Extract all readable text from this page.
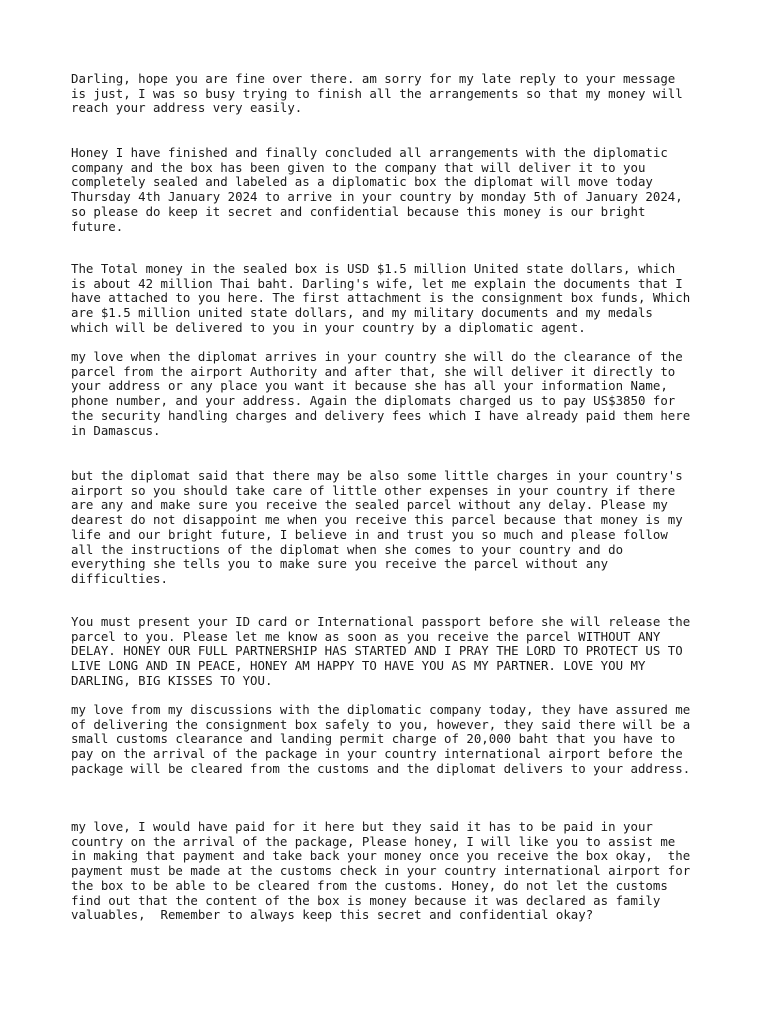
Darling, hope you are fine over there. am sorry for my late reply to your message
is just, I was so busy trying to finish all the arrangements so that my money will
reach your address very easily.

Honey I have finished and finally concluded all arrangements with the diplomatic
company and the box has been given to the company that will deliver it to you
completely sealed and labeled as a diplomatic box the diplomat will move today
Thursday 4th January 2024 to arrive in your country by monday 5th of January 2024,
so please do keep it secret and confidential because this money is our bright
future.

The Total money in the sealed box is USD $1.5 million United state dollars, which
is about 42 million Thai baht. Darling's wife, let me explain the documents that I
have attached to you here. The first attachment is the consignment box funds, Which
are $1.5 million united state dollars, and my military documents and my medals
which will be delivered to you in your country by a diplomatic agent.

my love when the diplomat arrives in your country she will do the clearance of the
parcel from the airport Authority and after that, she will deliver it directly to
your address or any place you want it because she has all your information Name,
phone number, and your address. Again the diplomats charged us to pay US$3850 for
the security handling charges and delivery fees which I have already paid them here
in Damascus.

but the diplomat said that there may be also some little charges in your country's
airport so you should take care of little other expenses in your country if there
are any and make sure you receive the sealed parcel without any delay. Please my
dearest do not disappoint me when you receive this parcel because that money is my
life and our bright future, I believe in and trust you so much and please follow
all the instructions of the diplomat when she comes to your country and do
everything she tells you to make sure you receive the parcel without any
difficulties.

You must present your ID card or International passport before she will release the
parcel to you. Please let me know as soon as you receive the parcel WITHOUT ANY
DELAY. HONEY OUR FULL PARTNERSHIP HAS STARTED AND I PRAY THE LORD TO PROTECT US TO
LIVE LONG AND IN PEACE, HONEY AM HAPPY TO HAVE YOU AS MY PARTNER. LOVE YOU MY
DARLING, BIG KISSES TO YOU.

my love from my discussions with the diplomatic company today, they have assured me
of delivering the consignment box safely to you, however, they said there will be a
small customs clearance and landing permit charge of 20,000 baht that you have to
pay on the arrival of the package in your country international airport before the
package will be cleared from the customs and the diplomat delivers to your address.

my love, I would have paid for it here but they said it has to be paid in your
country on the arrival of the package, Please honey, I will like you to assist me
in making that payment and take back your money once you receive the box okay,  the
payment must be made at the customs check in your country international airport for
the box to be able to be cleared from the customs. Honey, do not let the customs
find out that the content of the box is money because it was declared as family
valuables,  Remember to always keep this secret and confidential okay?
